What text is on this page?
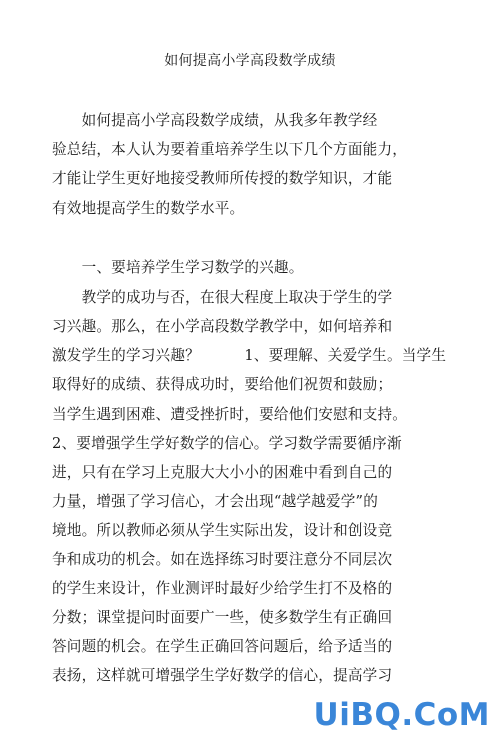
如何提高小学高段数学成绩
　　如何提高小学高段数学成绩，从我多年教学经
验总结，本人认为要着重培养学生以下几个方面能力，
才能让学生更好地接受教师所传授的数学知识，才能
有效地提高学生的数学水平。
　　一、要培养学生学习数学的兴趣。
　　教学的成功与否，在很大程度上取决于学生的学
习兴趣。那么，在小学高段数学教学中，如何培养和
激发学生的学习兴趣？　　　1、要理解、关爱学生。当学生
取得好的成绩、获得成功时，要给他们祝贺和鼓励；
当学生遇到困难、遭受挫折时，要给他们安慰和支持。
2、要增强学生学好数学的信心。学习数学需要循序渐
进，只有在学习上克服大大小小的困难中看到自己的
力量，增强了学习信心，才会出现“越学越爱学”的
境地。所以教师必须从学生实际出发，设计和创设竞
争和成功的机会。如在选择练习时要注意分不同层次
的学生来设计，作业测评时最好少给学生打不及格的
分数；课堂提问时面要广一些，使多数学生有正确回
答问题的机会。在学生正确回答问题后，给予适当的
表扬，这样就可增强学生学好数学的信心，提高学习
UiBQ.CoM
